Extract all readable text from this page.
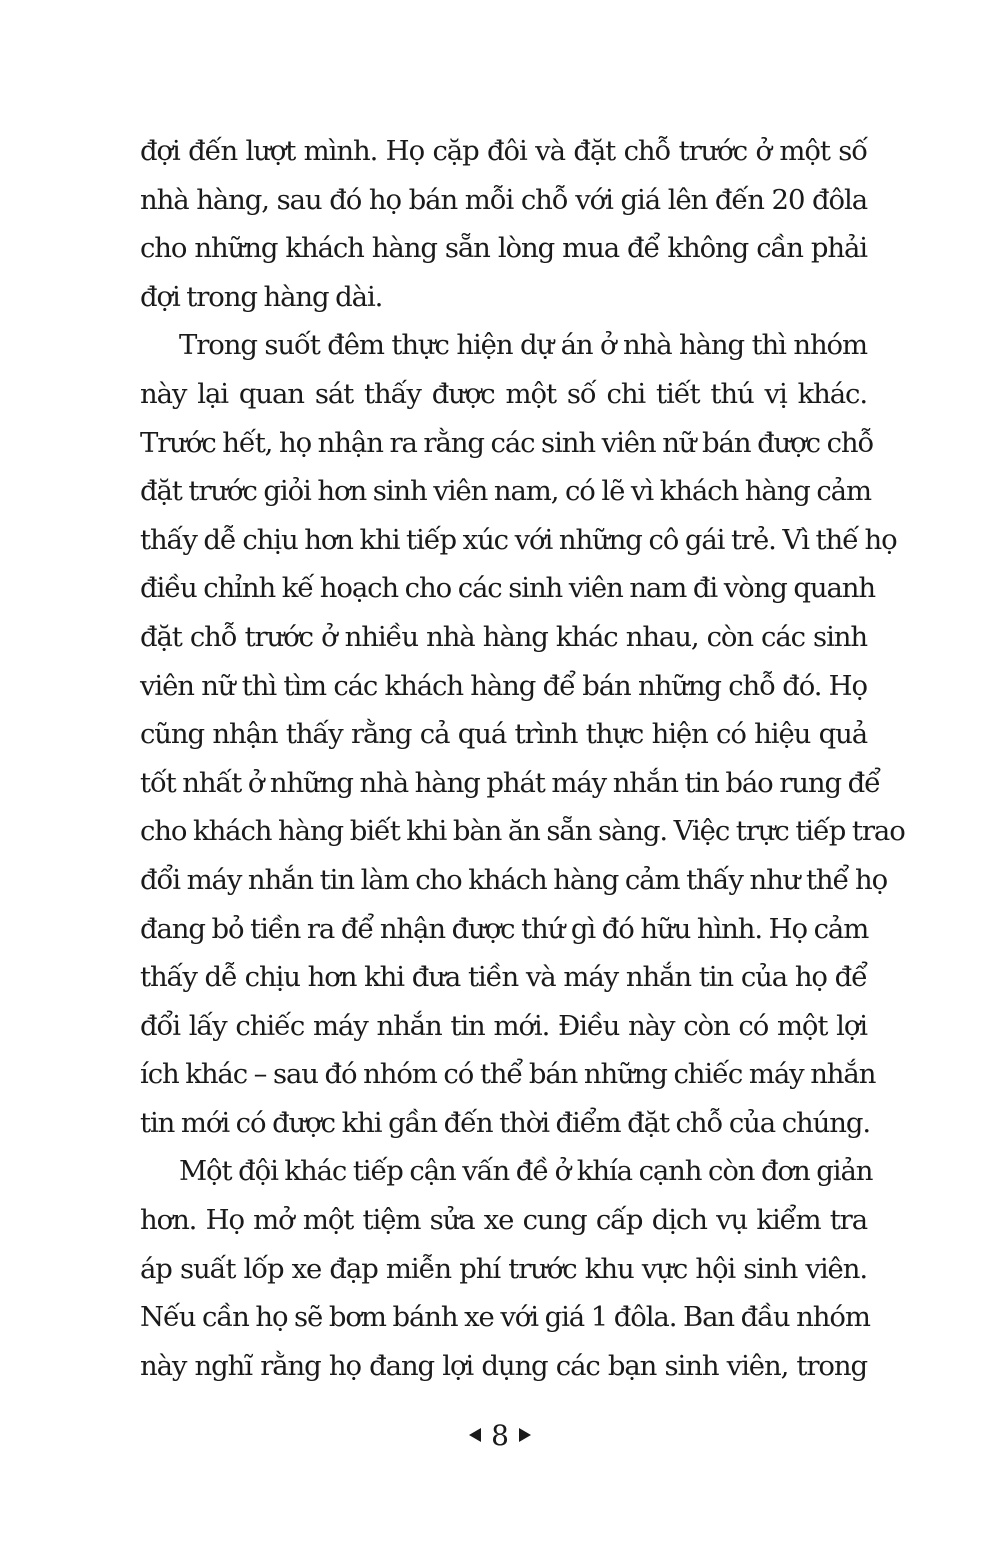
đợi đến lượt mình. Họ cặp đôi và đặt chỗ trước ở một số
nhà hàng, sau đó họ bán mỗi chỗ với giá lên đến 20 đôla
cho những khách hàng sẵn lòng mua để không cần phải
đợi trong hàng dài.
Trong suốt đêm thực hiện dự án ở nhà hàng thì nhóm
này lại quan sát thấy được một số chi tiết thú vị khác.
Trước hết, họ nhận ra rằng các sinh viên nữ bán được chỗ
đặt trước giỏi hơn sinh viên nam, có lẽ vì khách hàng cảm
thấy dễ chịu hơn khi tiếp xúc với những cô gái trẻ. Vì thế họ
điều chỉnh kế hoạch cho các sinh viên nam đi vòng quanh
đặt chỗ trước ở nhiều nhà hàng khác nhau, còn các sinh
viên nữ thì tìm các khách hàng để bán những chỗ đó. Họ
cũng nhận thấy rằng cả quá trình thực hiện có hiệu quả
tốt nhất ở những nhà hàng phát máy nhắn tin báo rung để
cho khách hàng biết khi bàn ăn sẵn sàng. Việc trực tiếp trao
đổi máy nhắn tin làm cho khách hàng cảm thấy như thể họ
đang bỏ tiền ra để nhận được thứ gì đó hữu hình. Họ cảm
thấy dễ chịu hơn khi đưa tiền và máy nhắn tin của họ để
đổi lấy chiếc máy nhắn tin mới. Điều này còn có một lợi
ích khác – sau đó nhóm có thể bán những chiếc máy nhắn
tin mới có được khi gần đến thời điểm đặt chỗ của chúng.
Một đội khác tiếp cận vấn đề ở khía cạnh còn đơn giản
hơn. Họ mở một tiệm sửa xe cung cấp dịch vụ kiểm tra
áp suất lốp xe đạp miễn phí trước khu vực hội sinh viên.
Nếu cần họ sẽ bơm bánh xe với giá 1 đôla. Ban đầu nhóm
này nghĩ rằng họ đang lợi dụng các bạn sinh viên, trong
8
